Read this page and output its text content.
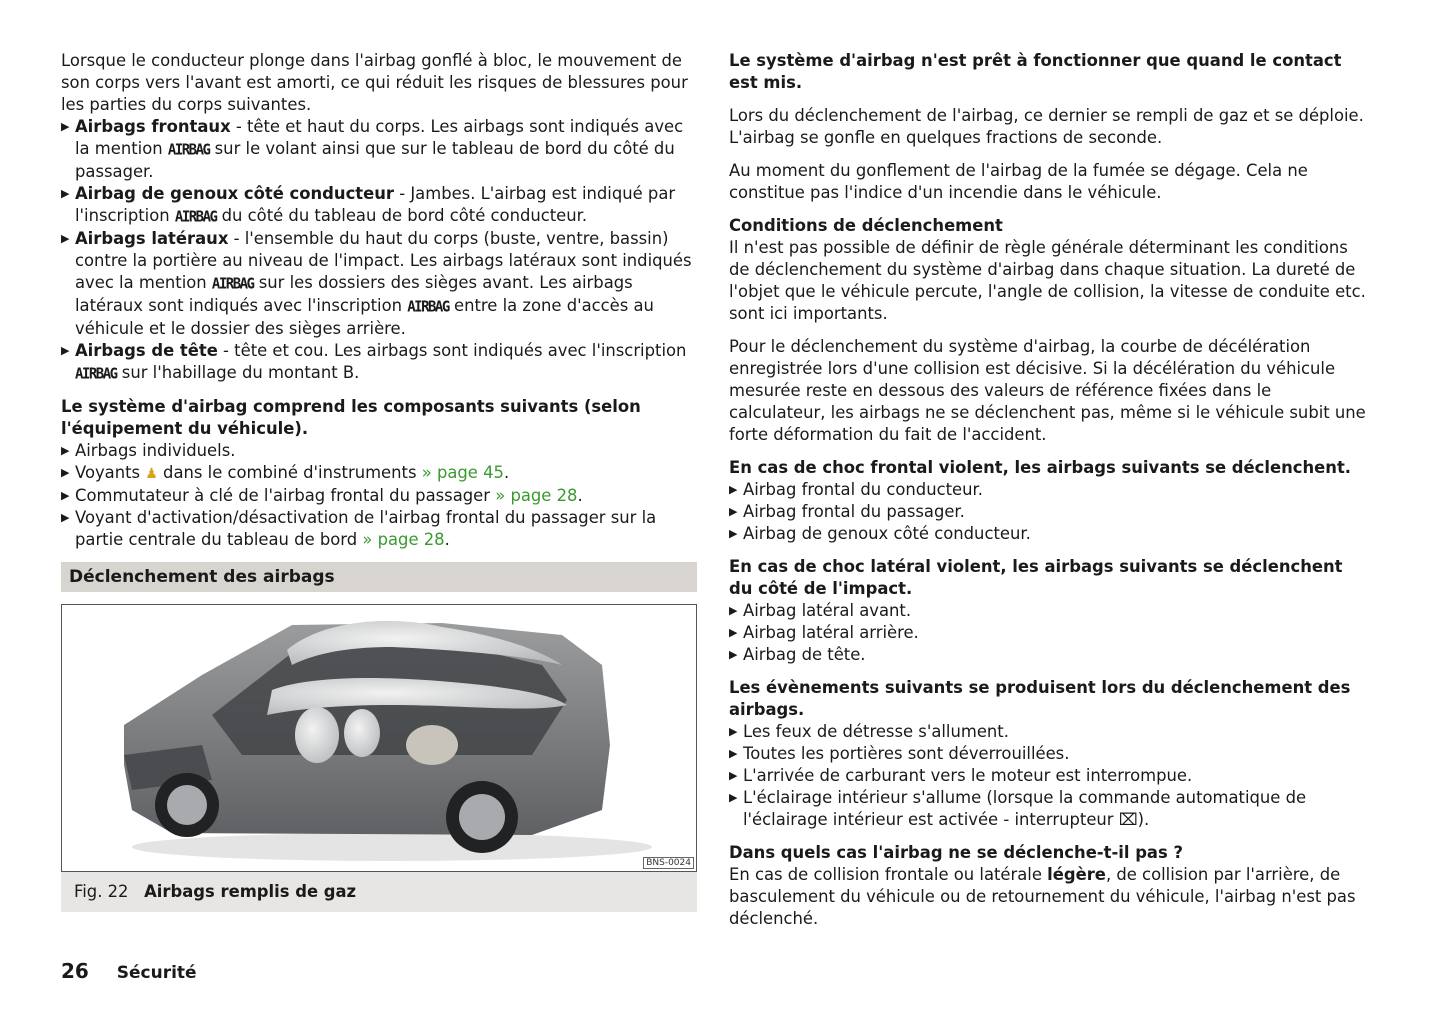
Lorsque le conducteur plonge dans l'airbag gonflé à bloc, le mouvement de son corps vers l'avant est amorti, ce qui réduit les risques de blessures pour les parties du corps suivantes.

▶ Airbags frontaux - tête et haut du corps. Les airbags sont indiqués avec la mention AIRBAG sur le volant ainsi que sur le tableau de bord du côté du passager.
▶ Airbag de genoux côté conducteur - Jambes. L'airbag est indiqué par l'inscription AIRBAG du côté du tableau de bord côté conducteur.
▶ Airbags latéraux - l'ensemble du haut du corps (buste, ventre, bassin) contre la portière au niveau de l'impact. Les airbags latéraux sont indiqués avec la mention AIRBAG sur les dossiers des sièges avant. Les airbags latéraux sont indiqués avec l'inscription AIRBAG entre la zone d'accès au véhicule et le dossier des sièges arrière.
▶ Airbags de tête - tête et cou. Les airbags sont indiqués avec l'inscription
AIRBAG sur l'habillage du montant B.

Le système d'airbag comprend les composants suivants (selon l'équipement du véhicule).

▶ Airbags individuels.
▶ Voyants ♟ dans le combiné d'instruments » page 45.
▶ Commutateur à clé de l'airbag frontal du passager » page 28.
▶ Voyant d'activation/désactivation de l'airbag frontal du passager sur la partie centrale du tableau de bord » page 28.
Déclenchement des airbags
BNS-0024
Fig. 22 Airbags remplis de gaz

Le système d'airbag n'est prêt à fonctionner que quand le contact est mis.

Lors du déclenchement de l'airbag, ce dernier se rempli de gaz et se déploie. L'airbag se gonfle en quelques fractions de seconde.

Au moment du gonflement de l'airbag de la fumée se dégage. Cela ne constitue pas l'indice d'un incendie dans le véhicule.

Conditions de déclenchement

Il n'est pas possible de définir de règle générale déterminant les conditions de déclenchement du système d'airbag dans chaque situation. La dureté de l'objet que le véhicule percute, l'angle de collision, la vitesse de conduite etc. sont ici importants.

Pour le déclenchement du système d'airbag, la courbe de décélération enregistrée lors d'une collision est décisive. Si la décélération du véhicule mesurée reste en dessous des valeurs de référence fixées dans le calculateur, les airbags ne se déclenchent pas, même si le véhicule subit une forte déformation du fait de l'accident.

En cas de choc frontal violent, les airbags suivants se déclenchent.

▶ Airbag frontal du conducteur.
▶ Airbag frontal du passager.
▶ Airbag de genoux côté conducteur.

En cas de choc latéral violent, les airbags suivants se déclenchent du côté de l'impact.

▶ Airbag latéral avant.
▶ Airbag latéral arrière.
▶ Airbag de tête.

Les évènements suivants se produisent lors du déclenchement des airbags.

▶ Les feux de détresse s'allument.
▶ Toutes les portières sont déverrouillées.
▶ L'arrivée de carburant vers le moteur est interrompue.
▶ L'éclairage intérieur s'allume (lorsque la commande automatique de l'éclairage intérieur est activée - interrupteur ⌧).

Dans quels cas l'airbag ne se déclenche-t-il pas ?

En cas de collision frontale ou latérale légère, de collision par l'arrière, de basculement du véhicule ou de retournement du véhicule, l'airbag n'est pas déclenché.

26 Sécurité
